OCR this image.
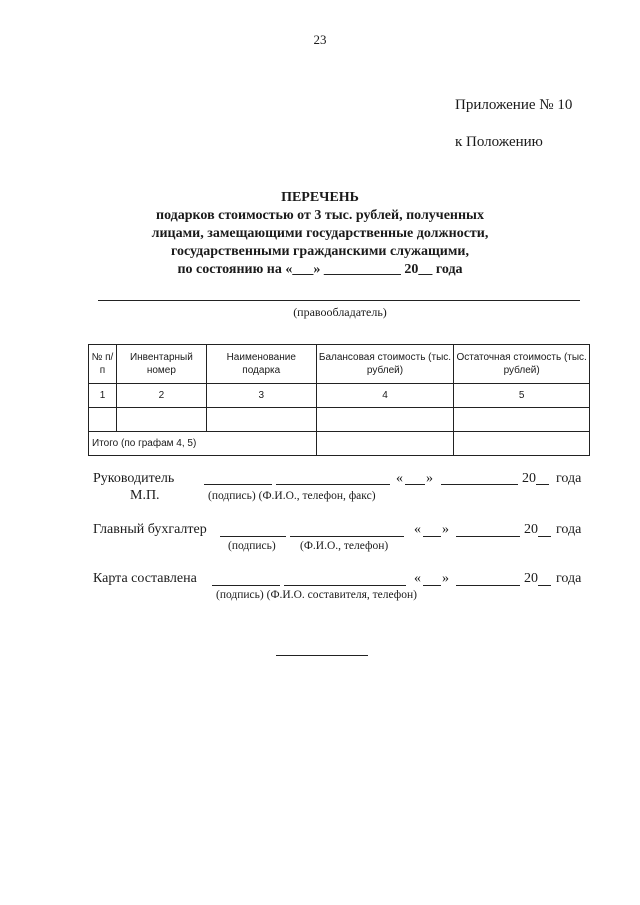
23
Приложение № 10
к Положению
ПЕРЕЧЕНЬ
подарков стоимостью от 3 тыс. рублей, полученных
лицами, замещающими государственные должности,
государственными гражданскими служащими,
по состоянию на «___» ___________ 20__ года
(правообладатель)
№ п/п	Инвентарный номер	Наименование подарка	Балансовая стоимость (тыс. рублей)	Остаточная стоимость (тыс. рублей)
1	2	3	4	5

Итого (по графам 4, 5)				
Руководитель	« »	20 года
М.П.	(подпись) (Ф.И.О., телефон, факс)
Главный бухгалтер	« »	20 года
(подпись) (Ф.И.О., телефон)
Карта составлена	« »	20 года
(подпись) (Ф.И.О. составителя, телефон)
